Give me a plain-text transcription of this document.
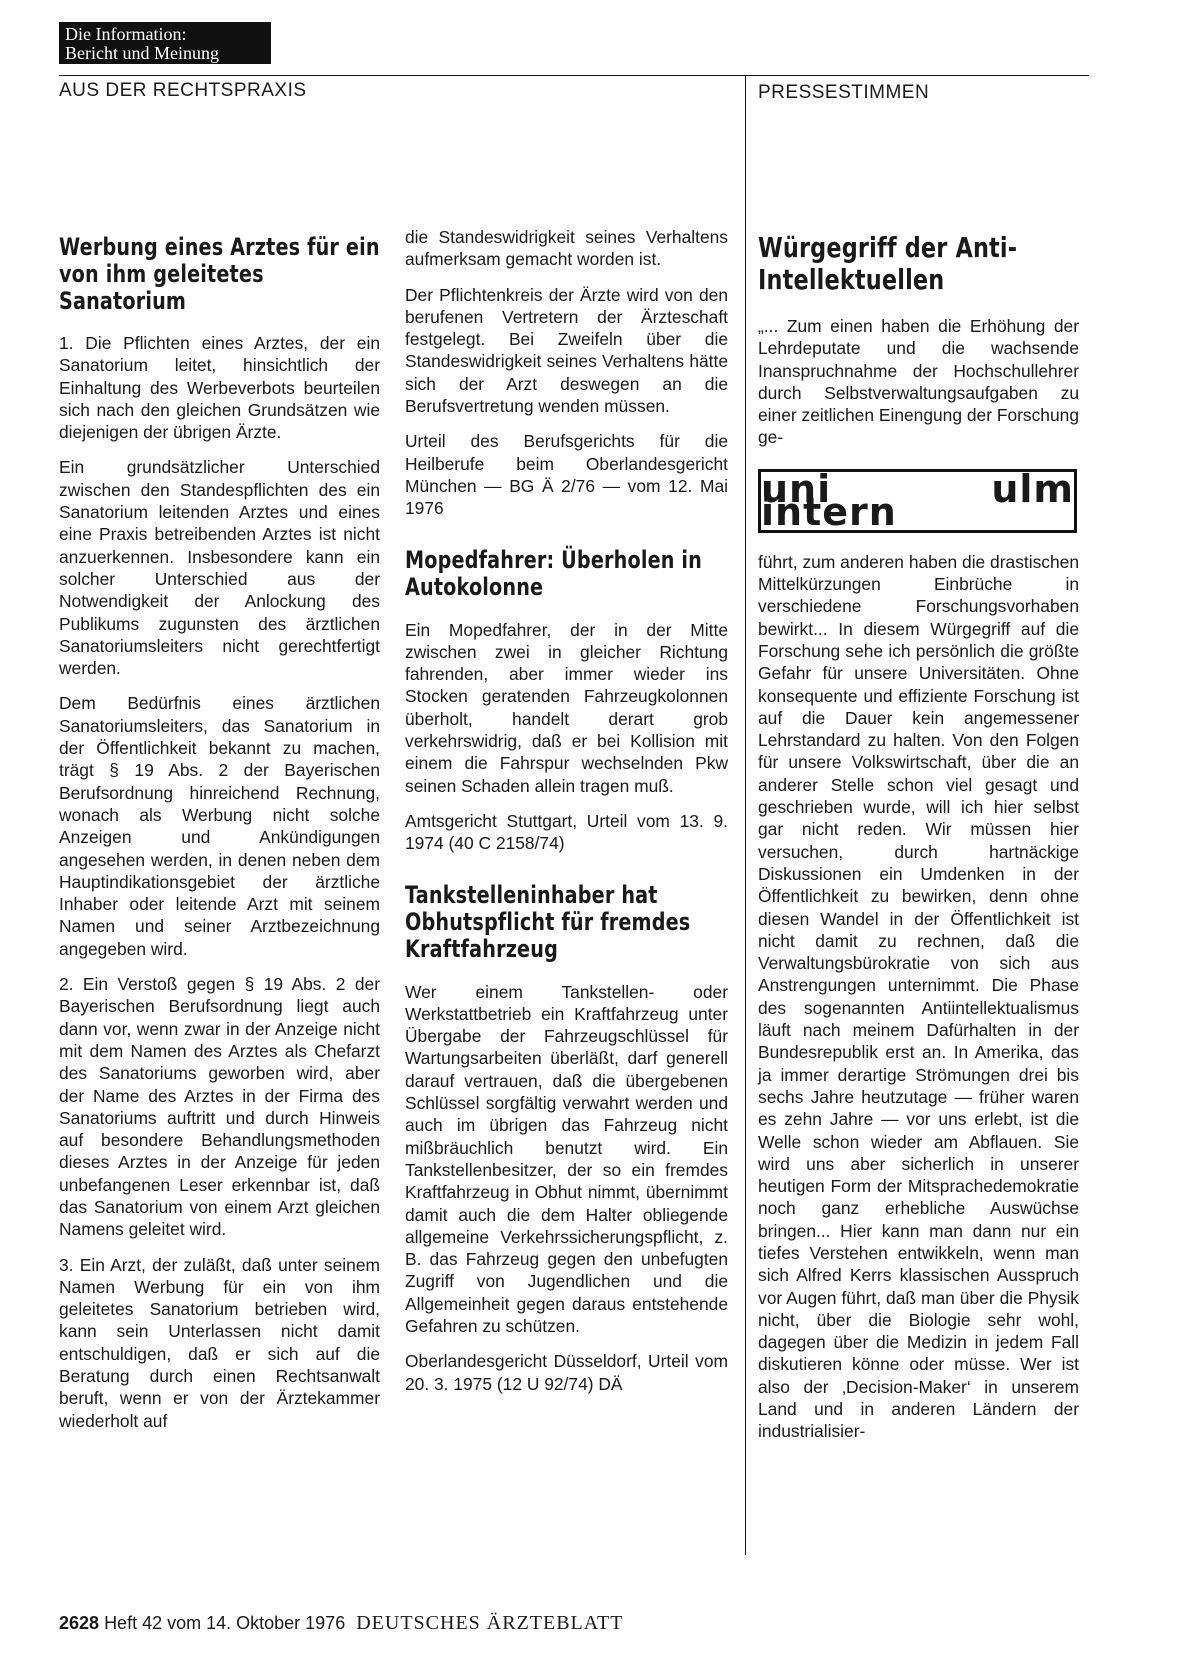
Die Information:
Bericht und Meinung
AUS DER RECHTSPRAXIS	PRESSESTIMMEN
Werbung eines Arztes für ein von ihm geleitetes Sanatorium

1. Die Pflichten eines Arztes, der ein Sanatorium leitet, hinsichtlich der Einhaltung des Werbeverbots beurteilen sich nach den gleichen Grundsätzen wie diejenigen der übrigen Ärzte.

Ein grundsätzlicher Unterschied zwischen den Standespflichten des ein Sanatorium leitenden Arztes und eines eine Praxis betreibenden Arztes ist nicht anzuerkennen. Insbesondere kann ein solcher Unterschied aus der Notwendigkeit der Anlockung des Publikums zugunsten des ärztlichen Sanatoriumsleiters nicht gerechtfertigt werden.

Dem Bedürfnis eines ärztlichen Sanatoriumsleiters, das Sanatorium in der Öffentlichkeit bekannt zu machen, trägt § 19 Abs. 2 der Bayerischen Berufsordnung hinreichend Rechnung, wonach als Werbung nicht solche Anzeigen und Ankündigungen angesehen werden, in denen neben dem Hauptindikationsgebiet der ärztliche Inhaber oder leitende Arzt mit seinem Namen und seiner Arztbezeichnung angegeben wird.

2. Ein Verstoß gegen § 19 Abs. 2 der Bayerischen Berufsordnung liegt auch dann vor, wenn zwar in der Anzeige nicht mit dem Namen des Arztes als Chefarzt des Sanatoriums geworben wird, aber der Name des Arztes in der Firma des Sanatoriums auftritt und durch Hinweis auf besondere Behandlungsmethoden dieses Arztes in der Anzeige für jeden unbefangenen Leser erkennbar ist, daß das Sanatorium von einem Arzt gleichen Namens geleitet wird.

3. Ein Arzt, der zuläßt, daß unter seinem Namen Werbung für ein von ihm geleitetes Sanatorium betrieben wird, kann sein Unterlassen nicht damit entschuldigen, daß er sich auf die Beratung durch einen Rechtsanwalt beruft, wenn er von der Ärztekammer wiederholt auf

die Standeswidrigkeit seines Verhaltens aufmerksam gemacht worden ist.

Der Pflichtenkreis der Ärzte wird von den berufenen Vertretern der Ärzteschaft festgelegt. Bei Zweifeln über die Standeswidrigkeit seines Verhaltens hätte sich der Arzt deswegen an die Berufsvertretung wenden müssen.

Urteil des Berufsgerichts für die Heilberufe beim Oberlandesgericht München — BG Ä 2/76 — vom 12. Mai 1976

Mopedfahrer: Überholen in Autokolonne

Ein Mopedfahrer, der in der Mitte zwischen zwei in gleicher Richtung fahrenden, aber immer wieder ins Stocken geratenden Fahrzeugkolonnen überholt, handelt derart grob verkehrswidrig, daß er bei Kollision mit einem die Fahrspur wechselnden Pkw seinen Schaden allein tragen muß.

Amtsgericht Stuttgart, Urteil vom 13. 9. 1974 (40 C 2158/74)

Tankstelleninhaber hat Obhutspflicht für fremdes Kraftfahrzeug

Wer einem Tankstellen- oder Werkstattbetrieb ein Kraftfahrzeug unter Übergabe der Fahrzeugschlüssel für Wartungsarbeiten überläßt, darf generell darauf vertrauen, daß die übergebenen Schlüssel sorgfältig verwahrt werden und auch im übrigen das Fahrzeug nicht mißbräuchlich benutzt wird. Ein Tankstellenbesitzer, der so ein fremdes Kraftfahrzeug in Obhut nimmt, übernimmt damit auch die dem Halter obliegende allgemeine Verkehrssicherungspflicht, z. B. das Fahrzeug gegen den unbefugten Zugriff von Jugendlichen und die Allgemeinheit gegen daraus entstehende Gefahren zu schützen.

Oberlandesgericht Düsseldorf, Urteil vom 20. 3. 1975 (12 U 92/74) DÄ

Würgegriff der Anti-Intellektuellen

„... Zum einen haben die Erhöhung der Lehrdeputate und die wachsende Inanspruchnahme der Hochschullehrer durch Selbstverwaltungsaufgaben zu einer zeitlichen Einengung der Forschung ge-

uni ulm intern

führt, zum anderen haben die drastischen Mittelkürzungen Einbrüche in verschiedene Forschungsvorhaben bewirkt... In diesem Würgegriff auf die Forschung sehe ich persönlich die größte Gefahr für unsere Universitäten. Ohne konsequente und effiziente Forschung ist auf die Dauer kein angemessener Lehrstandard zu halten. Von den Folgen für unsere Volkswirtschaft, über die an anderer Stelle schon viel gesagt und geschrieben wurde, will ich hier selbst gar nicht reden. Wir müssen hier versuchen, durch hartnäckige Diskussionen ein Umdenken in der Öffentlichkeit zu bewirken, denn ohne diesen Wandel in der Öffentlichkeit ist nicht damit zu rechnen, daß die Verwaltungsbürokratie von sich aus Anstrengungen unternimmt. Die Phase des sogenannten Antiintellektualismus läuft nach meinem Dafürhalten in der Bundesrepublik erst an. In Amerika, das ja immer derartige Strömungen drei bis sechs Jahre heutzutage — früher waren es zehn Jahre — vor uns erlebt, ist die Welle schon wieder am Abflauen. Sie wird uns aber sicherlich in unserer heutigen Form der Mitsprachedemokratie noch ganz erhebliche Auswüchse bringen... Hier kann man dann nur ein tiefes Verstehen entwikkeln, wenn man sich Alfred Kerrs klassischen Ausspruch vor Augen führt, daß man über die Physik nicht, über die Biologie sehr wohl, dagegen über die Medizin in jedem Fall diskutieren könne oder müsse. Wer ist also der ‚Decision-Maker‘ in unserem Land und in anderen Ländern der industrialisier-

2628 Heft 42 vom 14. Oktober 1976 DEUTSCHES ÄRZTEBLATT
